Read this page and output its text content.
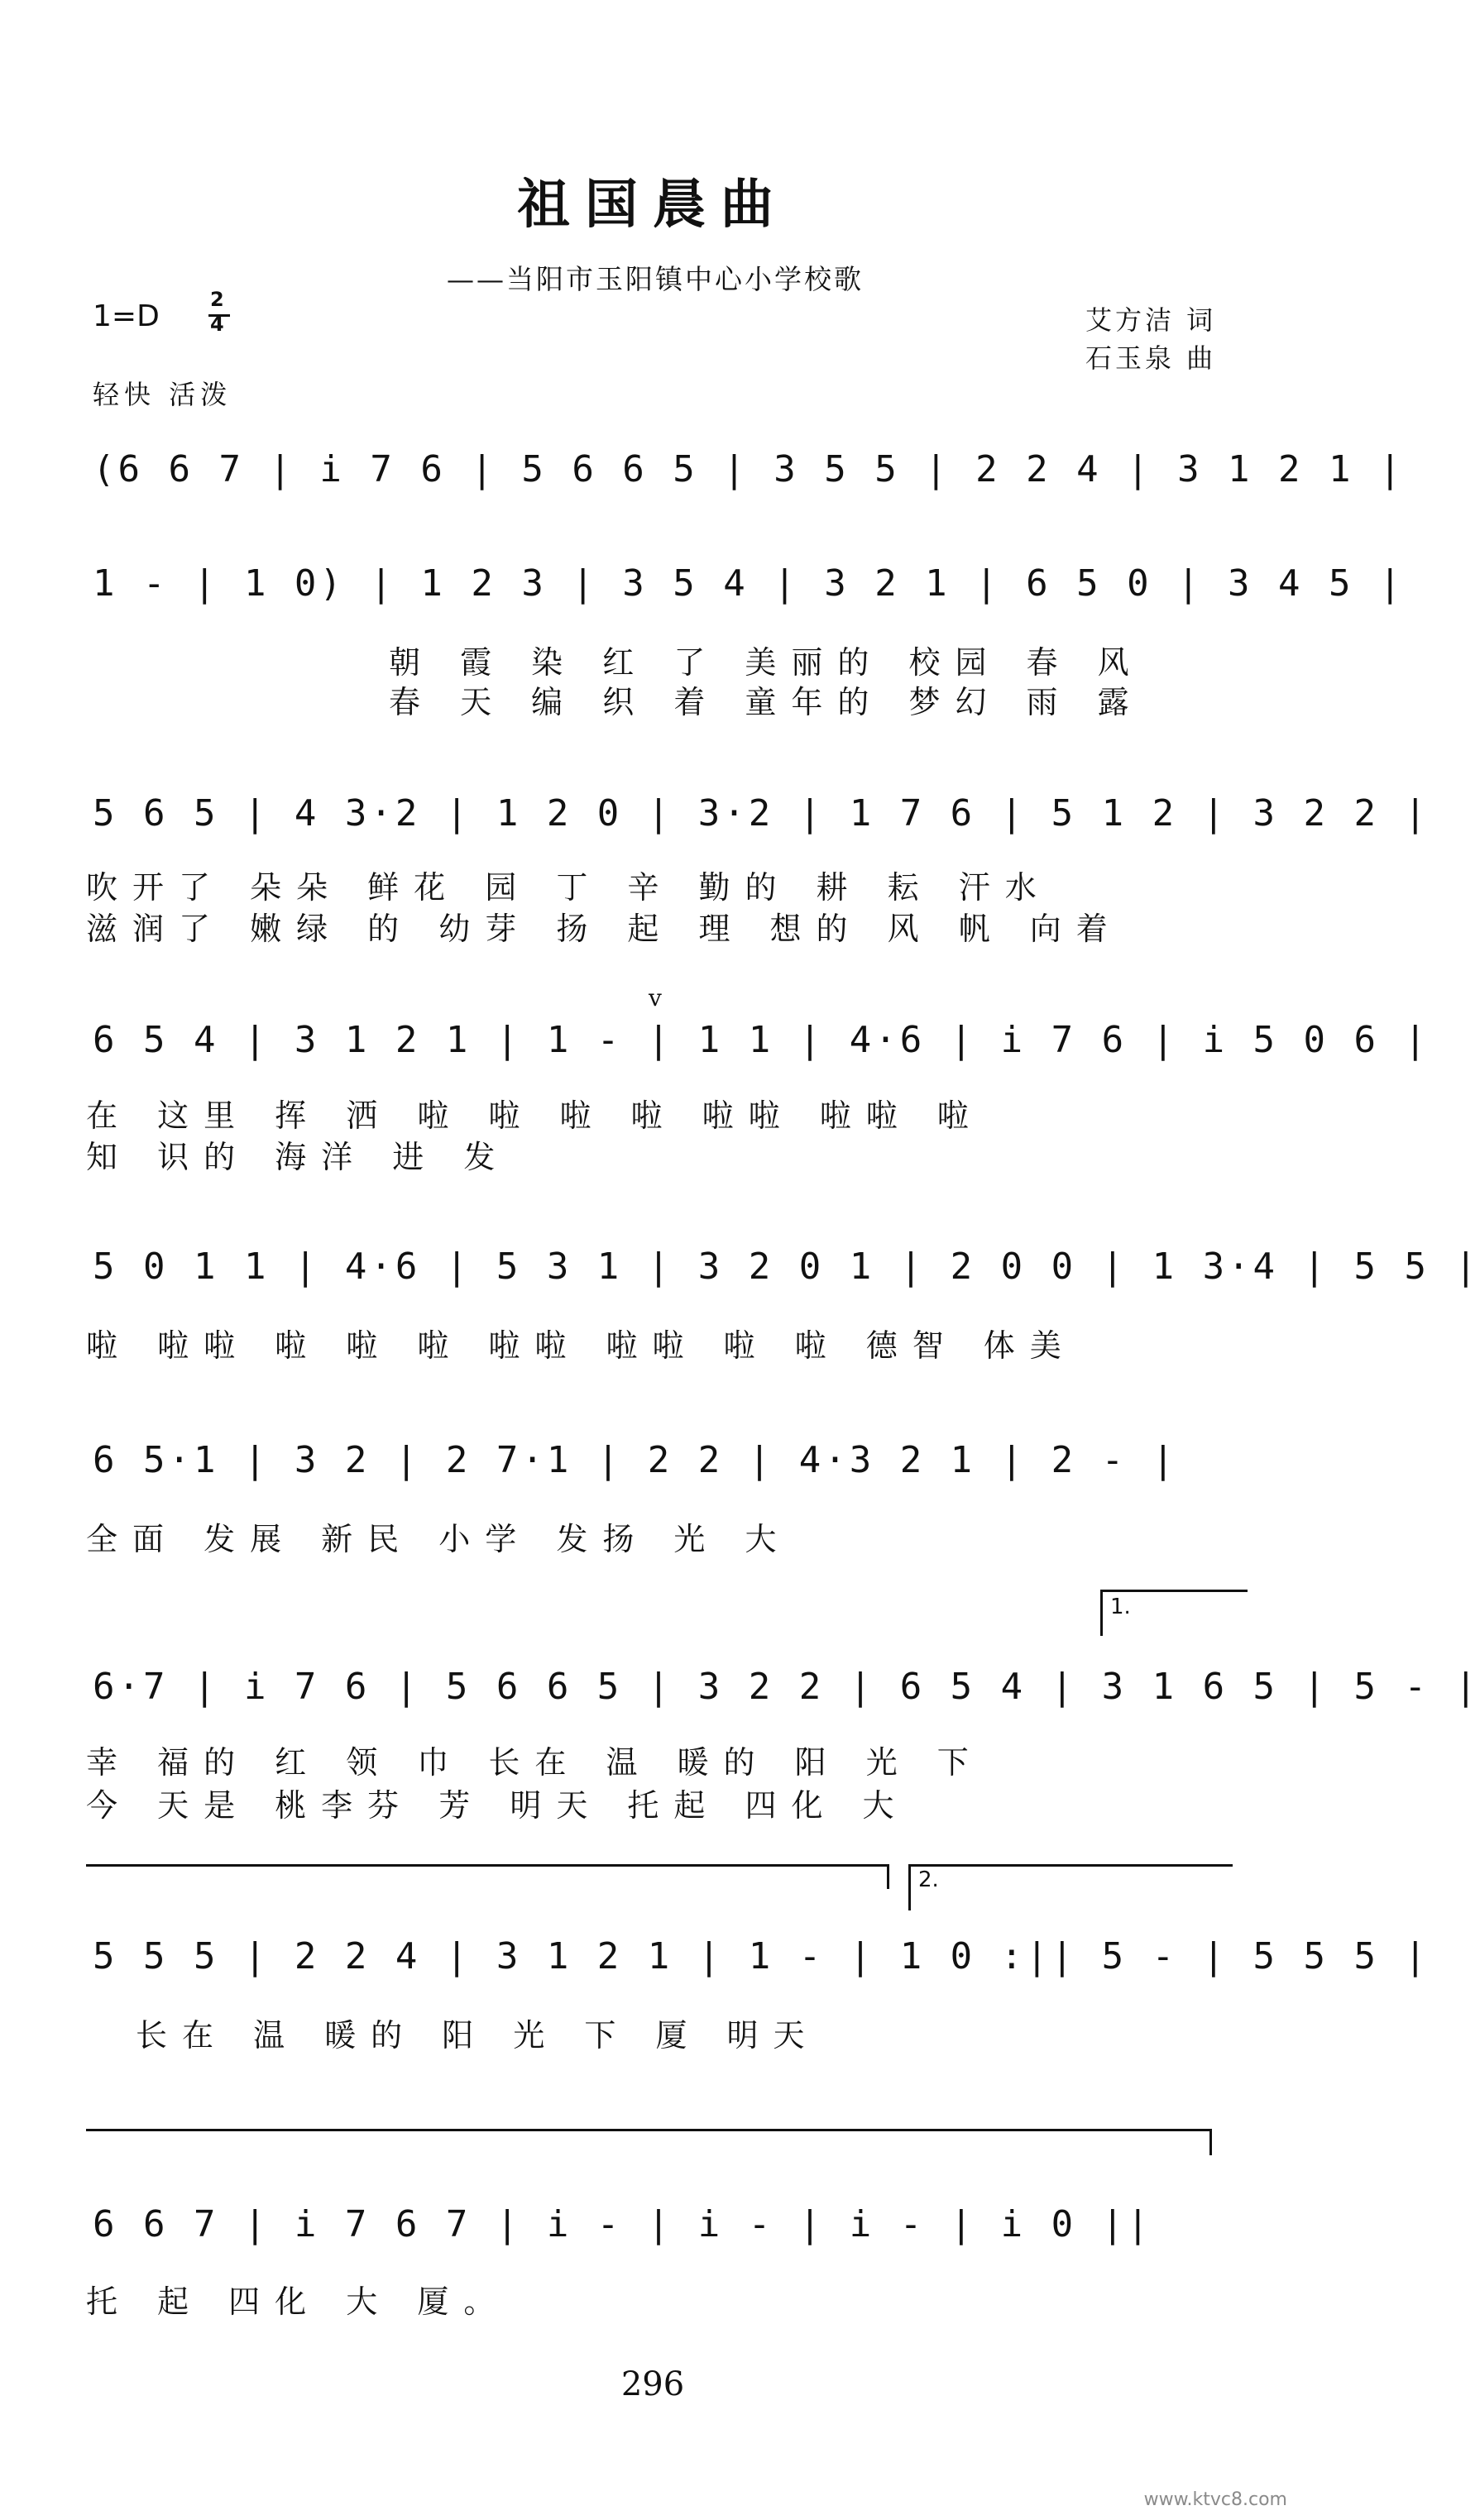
祖国晨曲
——当阳市玉阳镇中心小学校歌
1=D

	2

4	艾方洁 词
石玉泉 曲
轻快 活泼
(6 6 7 | i 7 6 | 5 6 6 5 | 3 5 5 | 2 2 4 | 3 1 2 1 |
1 - | 1 0) | 1 2 3 | 3 5 4 | 3 2 1 | 6 5 0 | 3 4 5 |
朝 霞 染 红 了 美丽的 校园 春 风
春 天 编 织 着 童年的 梦幻 雨 露
5 6 5 | 4 3·2 | 1 2 0 | 3·2 | 1 7 6 | 5 1 2 | 3 2 2 |
吹开了 朵朵 鲜花 园 丁 辛 勤的 耕 耘 汗水
滋润了 嫩绿 的 幼芽 扬 起 理 想的 风 帆 向着
6 5 4 | 3 1 2 1 | 1 - | 1 1 | 4·6 | i 7 6 | i 5 0 6 |
v
在 这里 挥 洒 啦 啦 啦 啦 啦啦 啦啦 啦
知 识的 海洋 进 发
5 0 1 1 | 4·6 | 5 3 1 | 3 2 0 1 | 2 0 0 | 1 3·4 | 5 5 |
啦 啦啦 啦 啦 啦 啦啦 啦啦 啦 啦 德智 体美
6 5·1 | 3 2 | 2 7·1 | 2 2 | 4·3 2 1 | 2 - |
全面 发展 新民 小学 发扬 光 大
1.
6·7 | i 7 6 | 5 6 6 5 | 3 2 2 | 6 5 4 | 3 1 6 5 | 5 - |
幸 福的 红 领 巾 长在 温 暖的 阳 光 下
今 天是 桃李芬 芳 明天 托起 四化 大
2.
5 5 5 | 2 2 4 | 3 1 2 1 | 1 - | 1 0 :|| 5 - | 5 5 5 |
长在 温 暖的 阳 光 下 厦 明天
6 6 7 | i 7 6 7 | i - | i - | i - | i 0 ||
托 起 四化 大 厦。
296
www.ktvc8.com
